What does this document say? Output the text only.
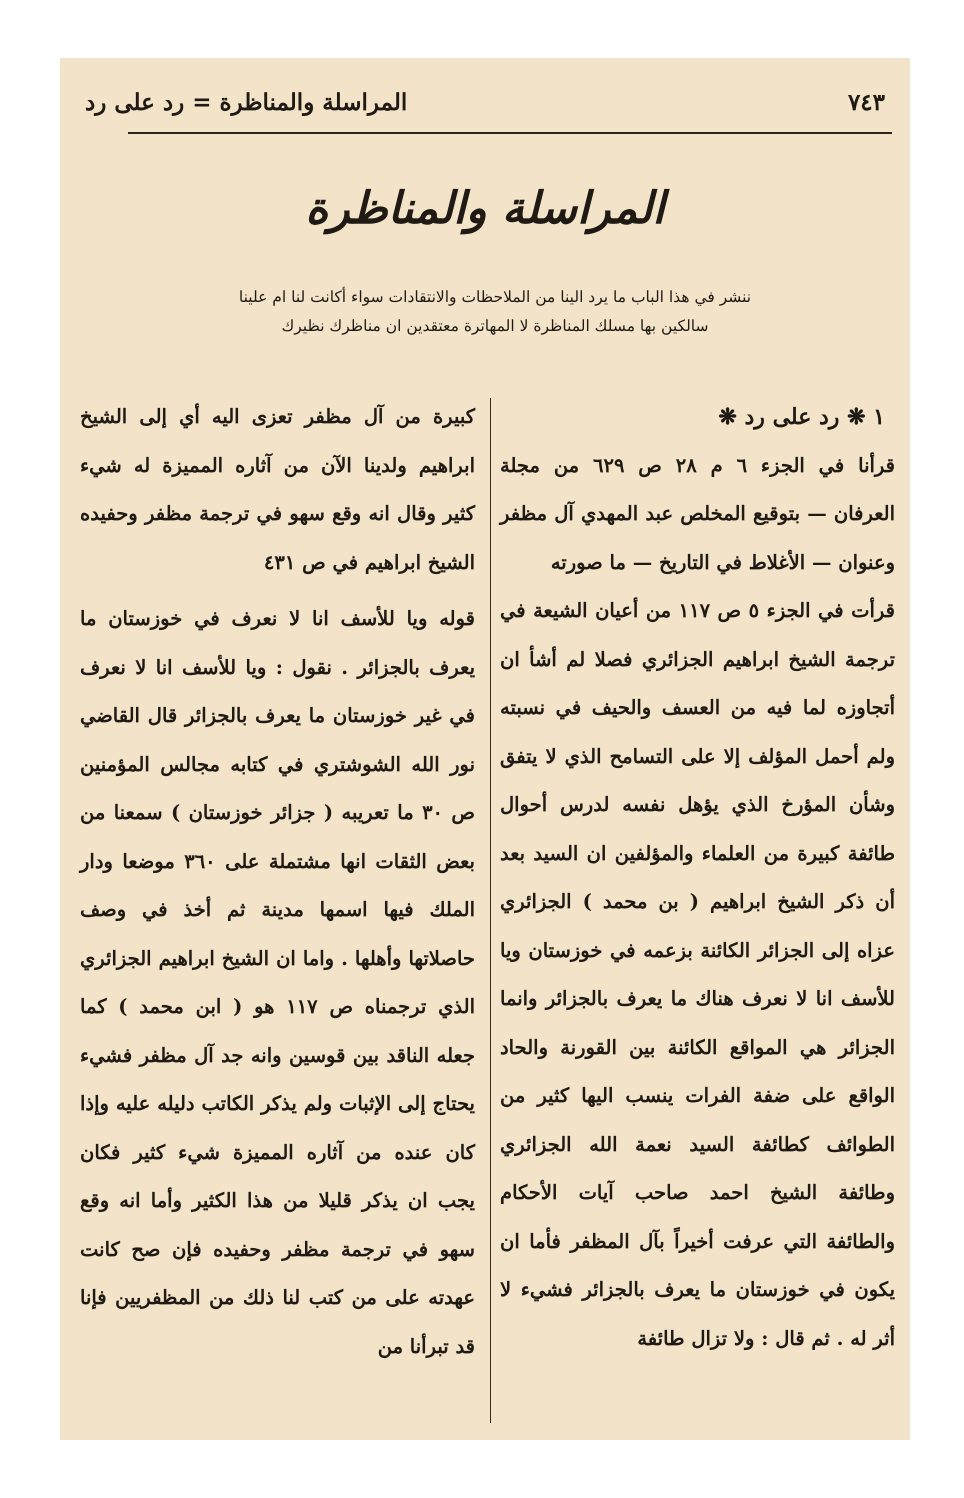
المراسلة والمناظرة = رد على رد	٧٤٣
المراسلة والمناظرة
ننشر في هذا الباب ما يرد الينا من الملاحظات والانتقادات سواء أكانت لنا ام علينا
سالكين بها مسلك المناظرة لا المهاترة معتقدين ان مناظرك نظيرك

١ ❋ رد على رد ❋

قرأنا في الجزء ٦ م ٢٨ ص ٦٢٩ من مجلة العرفان — بتوقيع المخلص عبد المهدي آل مظفر وعنوان — الأغلاط في التاريخ — ما صورته

قرأت في الجزء ٥ ص ١١٧ من أعيان الشيعة في ترجمة الشيخ ابراهيم الجزائري فصلا لم أشأ ان أتجاوزه لما فيه من العسف والحيف في نسبته ولم أحمل المؤلف إلا على التسامح الذي لا يتفق وشأن المؤرخ الذي يؤهل نفسه لدرس أحوال طائفة كبيرة من العلماء والمؤلفين ان السيد بعد أن ذكر الشيخ ابراهيم ( بن محمد ) الجزائري عزاه إلى الجزائر الكائنة بزعمه في خوزستان ويا للأسف انا لا نعرف هناك ما يعرف بالجزائر وانما الجزائر هي المواقع الكائنة بين القورنة والحاد الواقع على ضفة الفرات ينسب اليها كثير من الطوائف كطائفة السيد نعمة الله الجزائري وطائفة الشيخ احمد صاحب آيات الأحكام والطائفة التي عرفت أخيراً بآل المظفر فأما ان يكون في خوزستان ما يعرف بالجزائر فشيء لا أثر له . ثم قال : ولا تزال طائفة

كبيرة من آل مظفر تعزى اليه أي إلى الشيخ ابراهيم ولدينا الآن من آثاره المميزة له شيء كثير وقال انه وقع سهو في ترجمة مظفر وحفيده الشيخ ابراهيم في ص ٤٣١

قوله ويا للأسف انا لا نعرف في خوزستان ما يعرف بالجزائر . نقول : ويا للأسف انا لا نعرف في غير خوزستان ما يعرف بالجزائر قال القاضي نور الله الشوشتري في كتابه مجالس المؤمنين ص ٣٠ ما تعريبه ( جزائر خوزستان ) سمعنا من بعض الثقات انها مشتملة على ٣٦٠ موضعا ودار الملك فيها اسمها مدينة ثم أخذ في وصف حاصلاتها وأهلها . واما ان الشيخ ابراهيم الجزائري الذي ترجمناه ص ١١٧ هو ( ابن محمد ) كما جعله الناقد بين قوسين وانه جد آل مظفر فشيء يحتاج إلى الإثبات ولم يذكر الكاتب دليله عليه وإذا كان عنده من آثاره المميزة شيء كثير فكان يجب ان يذكر قليلا من هذا الكثير وأما انه وقع سهو في ترجمة مظفر وحفيده فإن صح كانت عهدته على من كتب لنا ذلك من المظفريين فإنا قد تبرأنا من
